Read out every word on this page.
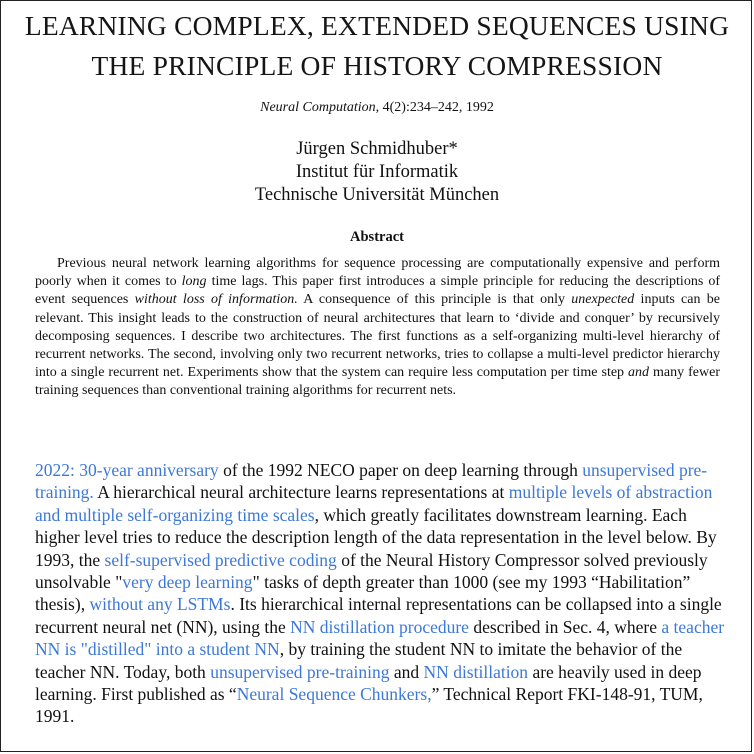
LEARNING COMPLEX, EXTENDED SEQUENCES USING
THE PRINCIPLE OF HISTORY COMPRESSION
Neural Computation, 4(2):234–242, 1992
Jürgen Schmidhuber*
Institut für Informatik
Technische Universität München
Abstract
Previous neural network learning algorithms for sequence processing are computationally expensive and perform poorly when it comes to long time lags. This paper first introduces a simple principle for reducing the descriptions of event sequences without loss of information. A consequence of this principle is that only unexpected inputs can be relevant. This insight leads to the construction of neural architectures that learn to ‘divide and conquer’ by recursively decomposing sequences. I describe two architectures. The first functions as a self-organizing multi-level hierarchy of recurrent networks. The second, involving only two recurrent networks, tries to collapse a multi-level predictor hierarchy into a single recurrent net. Experiments show that the system can require less computation per time step and many fewer training sequences than conventional training algorithms for recurrent nets.
2022: 30-year anniversary of the 1992 NECO paper on deep learning through unsupervised pre-training. A hierarchical neural architecture learns representations at multiple levels of abstraction and multiple self-organizing time scales, which greatly facilitates downstream learning. Each higher level tries to reduce the description length of the data representation in the level below. By 1993, the self-supervised predictive coding of the Neural History Compressor solved previously unsolvable "very deep learning" tasks of depth greater than 1000 (see my 1993 “Habilitation” thesis), without any LSTMs. Its hierarchical internal representations can be collapsed into a single recurrent neural net (NN), using the NN distillation procedure described in Sec. 4, where a teacher NN is "distilled" into a student NN, by training the student NN to imitate the behavior of the teacher NN. Today, both unsupervised pre-training and NN distillation are heavily used in deep learning. First published as “Neural Sequence Chunkers,” Technical Report FKI-148-91, TUM, 1991.
